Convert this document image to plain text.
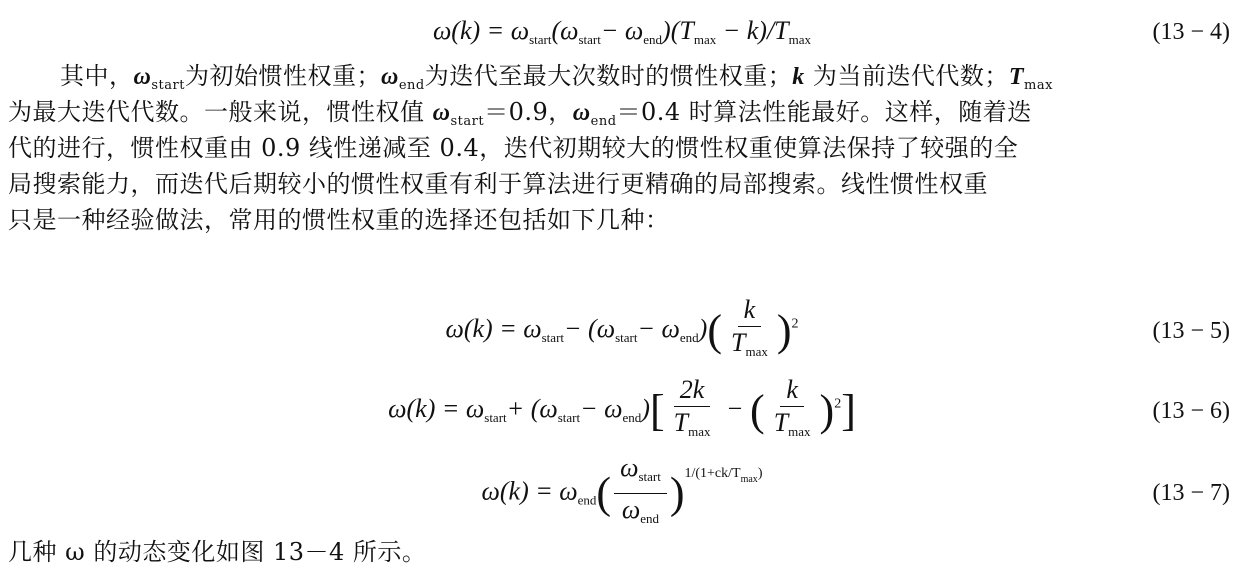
$\omega(k) = \omega_{start}(\omega_{start}- \omega_{end})(T_{max} - k)/T_{max}$	(13 − 4)
其中，$\omega_{start}$为初始惯性权重；$\omega_{end}$为迭代至最大次数时的惯性权重；k 为当前迭代代数；$T_{max}$
为最大迭代代数。一般来说，惯性权值 $\omega_{start}=0.9$，$\omega_{end}=0.4$ 时算法性能最好。这样，随着迭
代的进行，惯性权重由 0.9 线性递减至 0.4，迭代初期较大的惯性权重使算法保持了较强的全
局搜索能力，而迭代后期较小的惯性权重有利于算法进行更精确的局部搜索。线性惯性权重
只是一种经验做法，常用的惯性权重的选择还包括如下几种：
$\omega(k) = \omega_{start}- (\omega_{start}- \omega_{end})( \frac{k}{T_{max}} )^2$	(13 − 5)
$\omega(k) = \omega_{start}+ (\omega_{start}- \omega_{end})[ \frac{2k}{T_{max}}$ − ( $\frac{k}{T_{max}} )^2$]	(13 − 6)
$\omega(k) = \omega_{end}( \frac{\omega_{start}}{\omega_{end}} )^{1/(1+ck/T_{max})}$
(13 − 7)
几种 ω 的动态变化如图 13－4 所示。
